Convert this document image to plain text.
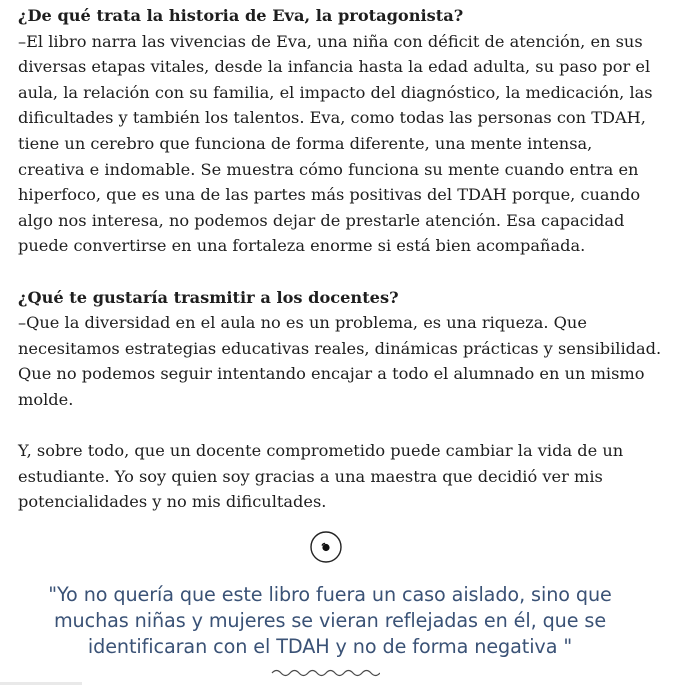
¿De qué trata la historia de Eva, la protagonista?

–El libro narra las vivencias de Eva, una niña con déficit de atención, en sus

diversas etapas vitales, desde la infancia hasta la edad adulta, su paso por el

aula, la relación con su familia, el impacto del diagnóstico, la medicación, las

dificultades y también los talentos. Eva, como todas las personas con TDAH,

tiene un cerebro que funciona de forma diferente, una mente intensa,

creativa e indomable. Se muestra cómo funciona su mente cuando entra en

hiperfoco, que es una de las partes más positivas del TDAH porque, cuando

algo nos interesa, no podemos dejar de prestarle atención. Esa capacidad

puede convertirse en una fortaleza enorme si está bien acompañada.

¿Qué te gustaría trasmitir a los docentes?

–Que la diversidad en el aula no es un problema, es una riqueza. Que

necesitamos estrategias educativas reales, dinámicas prácticas y sensibilidad.

Que no podemos seguir intentando encajar a todo el alumnado en un mismo

molde.

Y, sobre todo, que un docente comprometido puede cambiar la vida de un

estudiante. Yo soy quien soy gracias a una maestra que decidió ver mis

potencialidades y no mis dificultades.

"Yo no quería que este libro fuera un caso aislado, sino que
muchas niñas y mujeres se vieran reflejadas en él, que se
identificaran con el TDAH y no de forma negativa "
